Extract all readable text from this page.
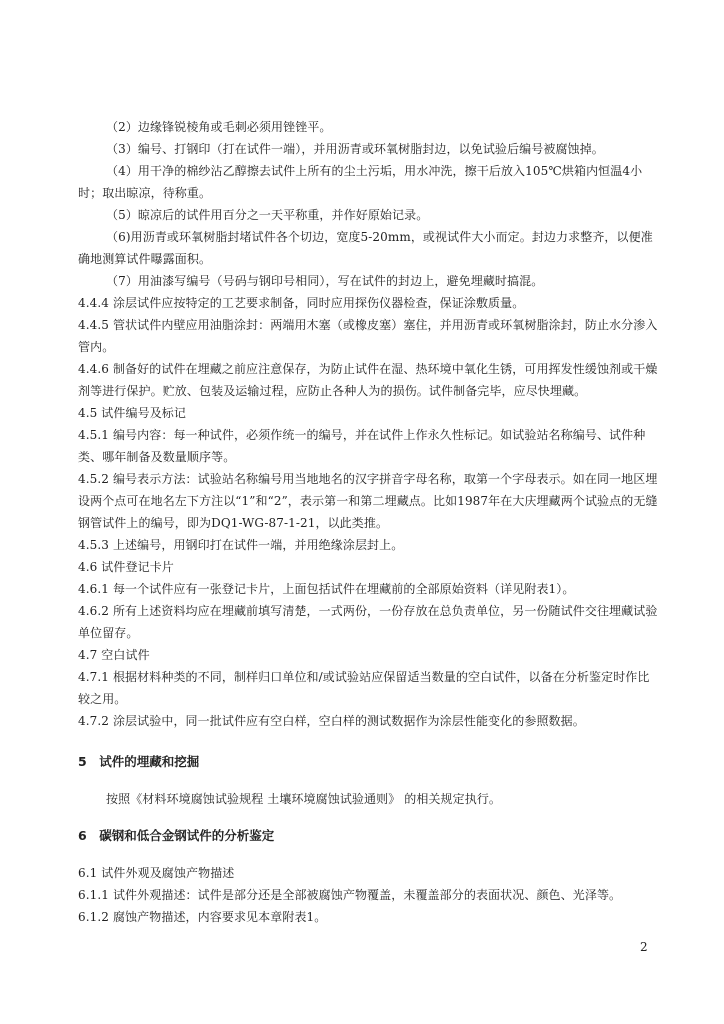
（2）边缘锋锐棱角或毛刺必须用锉锉平。

（3）编号、打钢印（打在试件一端），并用沥青或环氧树脂封边，以免试验后编号被腐蚀掉。

（4）用干净的棉纱沾乙醇擦去试件上所有的尘土污垢，用水冲洗，擦干后放入105℃烘箱内恒温4小时；取出晾凉，待称重。

（5）晾凉后的试件用百分之一天平称重，并作好原始记录。

（6)用沥青或环氧树脂封堵试件各个切边，宽度5-20mm，或视试件大小而定。封边力求整齐，以便准确地测算试件曝露面积。

（7）用油漆写编号（号码与钢印号相同），写在试件的封边上，避免埋藏时搞混。

4.4.4 涂层试件应按特定的工艺要求制备，同时应用探伤仪器检查，保证涂敷质量。

4.4.5 管状试件内壁应用油脂涂封：两端用木塞（或橡皮塞）塞住，并用沥青或环氧树脂涂封，防止水分渗入管内。

4.4.6 制备好的试件在埋藏之前应注意保存，为防止试件在湿、热环境中氧化生锈，可用挥发性缓蚀剂或干燥剂等进行保护。贮放、包装及运输过程，应防止各种人为的损伤。试件制备完毕，应尽快埋藏。

4.5 试件编号及标记

4.5.1 编号内容：每一种试件，必须作统一的编号，并在试件上作永久性标记。如试验站名称编号、试件种类、哪年制备及数量顺序等。

4.5.2 编号表示方法：试验站名称编号用当地地名的汉字拼音字母名称，取第一个字母表示。如在同一地区埋设两个点可在地名左下方注以“1”和“2”，表示第一和第二埋藏点。比如1987年在大庆埋藏两个试验点的无缝钢管试件上的编号，即为DQ1-WG-87-1-21，以此类推。

4.5.3 上述编号，用钢印打在试件一端，并用绝缘涂层封上。

4.6 试件登记卡片

4.6.1 每一个试件应有一张登记卡片，上面包括试件在埋藏前的全部原始资料（详见附表1）。

4.6.2 所有上述资料均应在埋藏前填写清楚，一式两份，一份存放在总负责单位，另一份随试件交往埋藏试验单位留存。

4.7 空白试件

4.7.1 根据材料种类的不同，制样归口单位和/或试验站应保留适当数量的空白试件，以备在分析鉴定时作比较之用。

4.7.2 涂层试验中，同一批试件应有空白样，空白样的测试数据作为涂层性能变化的参照数据。

5　试件的埋藏和挖掘

按照《材料环境腐蚀试验规程 土壤环境腐蚀试验通则》 的相关规定执行。

6　碳钢和低合金钢试件的分析鉴定

6.1 试件外观及腐蚀产物描述

6.1.1 试件外观描述：试件是部分还是全部被腐蚀产物覆盖，未覆盖部分的表面状况、颜色、光泽等。

6.1.2 腐蚀产物描述，内容要求见本章附表1。

2
